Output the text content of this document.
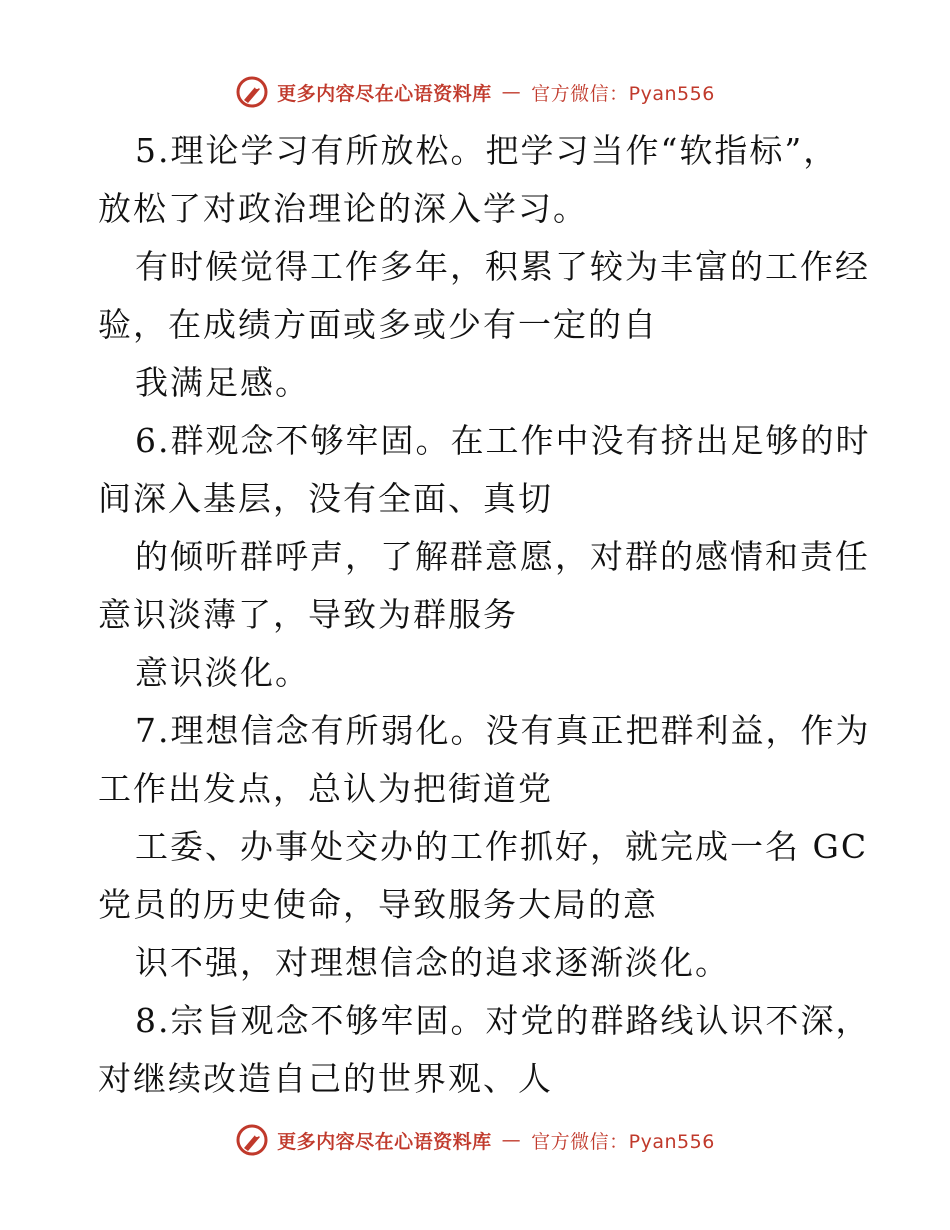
更多内容尽在心语资料库 — 官方微信：Pyan556
5.理论学习有所放松。把学习当作“软指标”，
放松了对政治理论的深入学习。
有时候觉得工作多年，积累了较为丰富的工作经
验，在成绩方面或多或少有一定的自
我满足感。
6.群观念不够牢固。在工作中没有挤出足够的时
间深入基层，没有全面、真切
的倾听群呼声，了解群意愿，对群的感情和责任
意识淡薄了，导致为群服务
意识淡化。
7.理想信念有所弱化。没有真正把群利益，作为
工作出发点，总认为把街道党
工委、办事处交办的工作抓好，就完成一名 GC
党员的历史使命，导致服务大局的意
识不强，对理想信念的追求逐渐淡化。
8.宗旨观念不够牢固。对党的群路线认识不深，
对继续改造自己的世界观、人
更多内容尽在心语资料库 — 官方微信：Pyan556
